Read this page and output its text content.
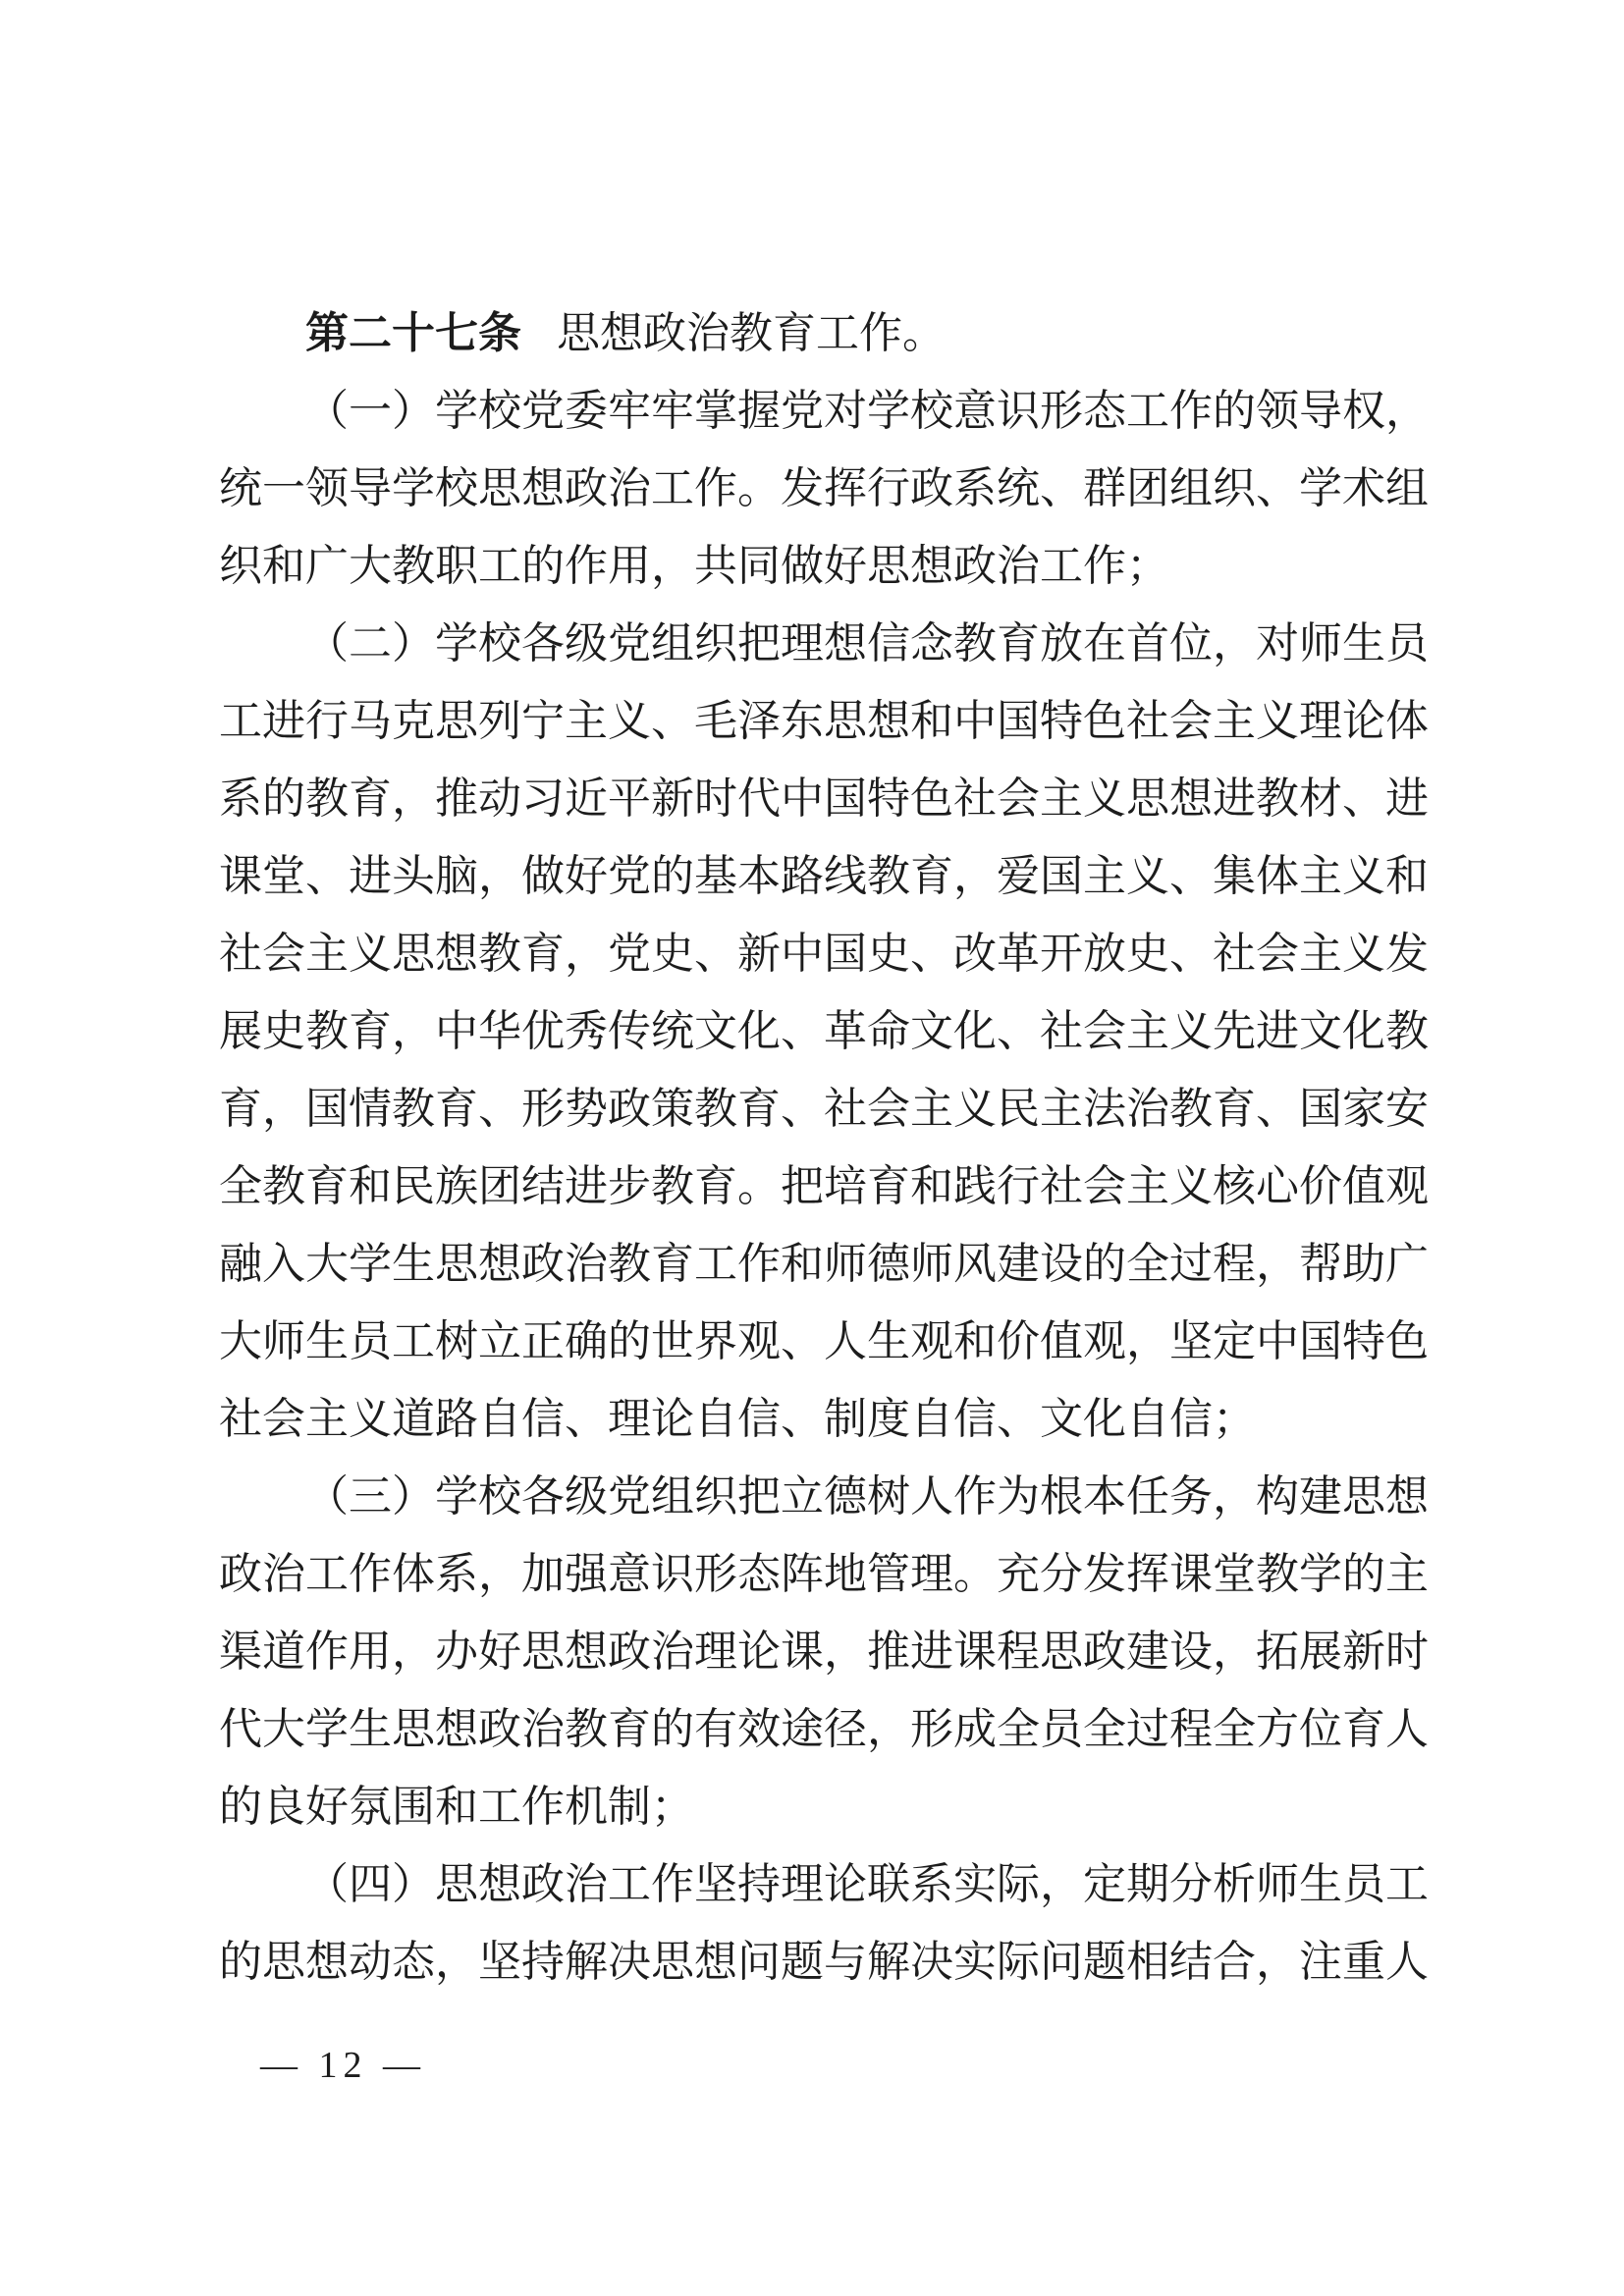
第二十七条 思想政治教育工作。

（一）学校党委牢牢掌握党对学校意识形态工作的领导权，统一领导学校思想政治工作。发挥行政系统、群团组织、学术组织和广大教职工的作用，共同做好思想政治工作；

（二）学校各级党组织把理想信念教育放在首位，对师生员工进行马克思列宁主义、毛泽东思想和中国特色社会主义理论体系的教育，推动习近平新时代中国特色社会主义思想进教材、进课堂、进头脑，做好党的基本路线教育，爱国主义、集体主义和社会主义思想教育，党史、新中国史、改革开放史、社会主义发展史教育，中华优秀传统文化、革命文化、社会主义先进文化教育，国情教育、形势政策教育、社会主义民主法治教育、国家安全教育和民族团结进步教育。把培育和践行社会主义核心价值观融入大学生思想政治教育工作和师德师风建设的全过程，帮助广大师生员工树立正确的世界观、人生观和价值观，坚定中国特色社会主义道路自信、理论自信、制度自信、文化自信；

（三）学校各级党组织把立德树人作为根本任务，构建思想政治工作体系，加强意识形态阵地管理。充分发挥课堂教学的主渠道作用，办好思想政治理论课，推进课程思政建设，拓展新时代大学生思想政治教育的有效途径，形成全员全过程全方位育人的良好氛围和工作机制；

（四）思想政治工作坚持理论联系实际，定期分析师生员工的思想动态，坚持解决思想问题与解决实际问题相结合，注重人

— 12 —
